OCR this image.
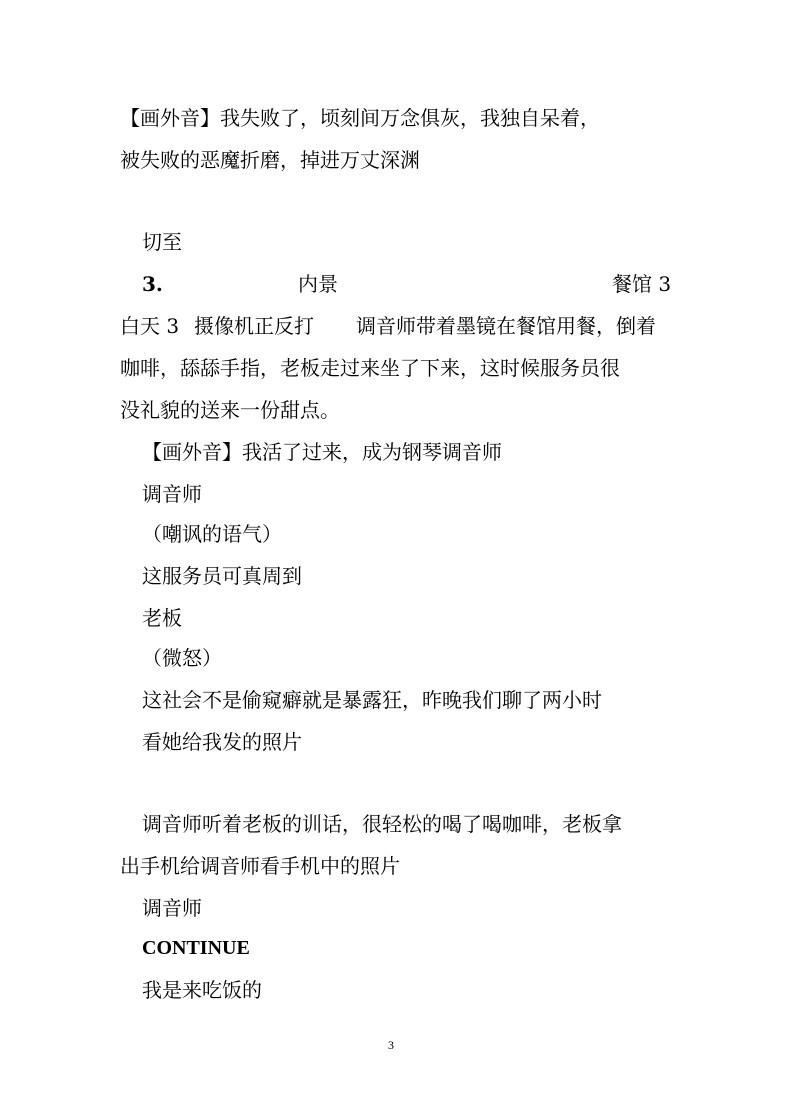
【画外音】我失败了，顷刻间万念俱灰，我独自呆着，
被失败的恶魔折磨，掉进万丈深渊
切至
3.	内景	餐馆 3
白天 3 摄像机正反打 调音师带着墨镜在餐馆用餐，倒着
咖啡，舔舔手指，老板走过来坐了下来，这时候服务员很
没礼貌的送来一份甜点。
【画外音】我活了过来，成为钢琴调音师
调音师
（嘲讽的语气）
这服务员可真周到
老板
（微怒）
这社会不是偷窥癖就是暴露狂，昨晚我们聊了两小时
看她给我发的照片
调音师听着老板的训话，很轻松的喝了喝咖啡，老板拿
出手机给调音师看手机中的照片
调音师
CONTINUE
我是来吃饭的
3
